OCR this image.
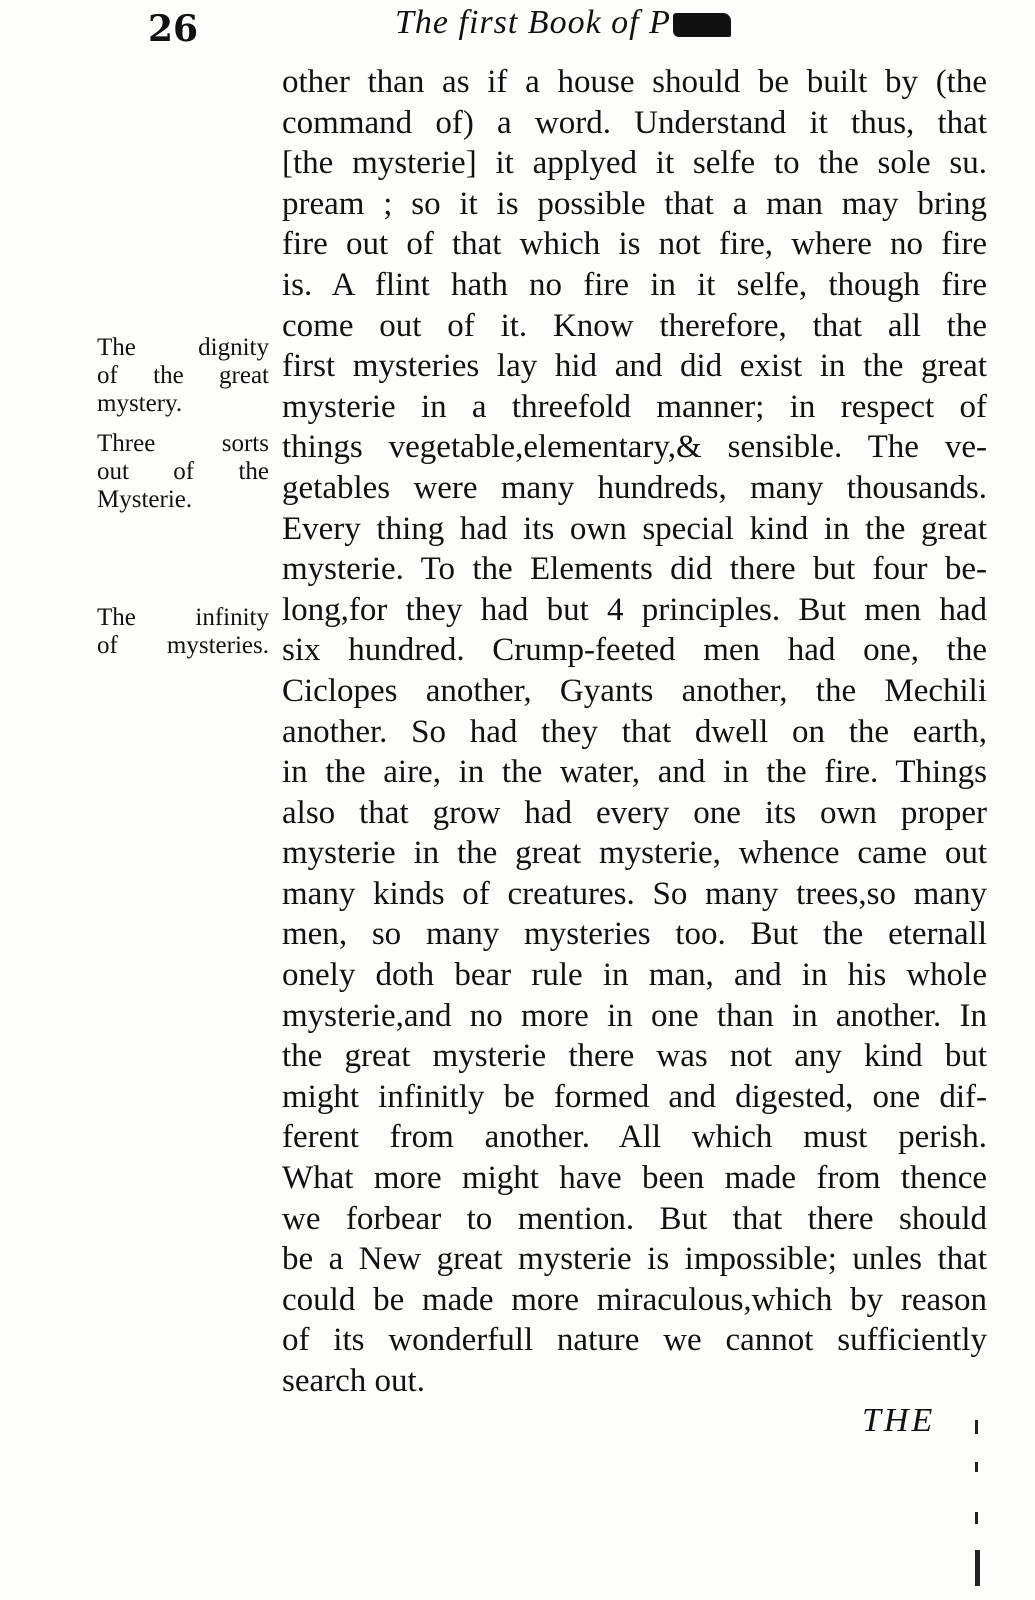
26	The first Book of P
The dignity
of the great
mystery.
Three sorts
out of the
Mysterie.
The infinity
of mysteries.
other than as if a house should be built by (the
command of) a word. Understand it thus, that
[the mysterie] it applyed it selfe to the sole su.
pream ; so it is possible that a man may bring
fire out of that which is not fire, where no fire
is. A flint hath no fire in it selfe, though fire
come out of it. Know therefore, that all the
first mysteries lay hid and did exist in the great
mysterie in a threefold manner; in respect of
things vegetable,elementary,& sensible. The ve-
getables were many hundreds, many thousands.
Every thing had its own special kind in the great
mysterie. To the Elements did there but four be-
long,for they had but 4 principles. But men had
six hundred. Crump-feeted men had one, the
Ciclopes another, Gyants another, the Mechili
another. So had they that dwell on the earth,
in the aire, in the water, and in the fire. Things
also that grow had every one its own proper
mysterie in the great mysterie, whence came out
many kinds of creatures. So many trees,so many
men, so many mysteries too. But the eternall
onely doth bear rule in man, and in his whole
mysterie,and no more in one than in another. In
the great mysterie there was not any kind but
might infinitly be formed and digested, one dif-
ferent from another. All which must perish.
What more might have been made from thence
we forbear to mention. But that there should
be a New great mysterie is impossible; unles that
could be made more miraculous,which by reason
of its wonderfull nature we cannot sufficiently
search out.
THE
